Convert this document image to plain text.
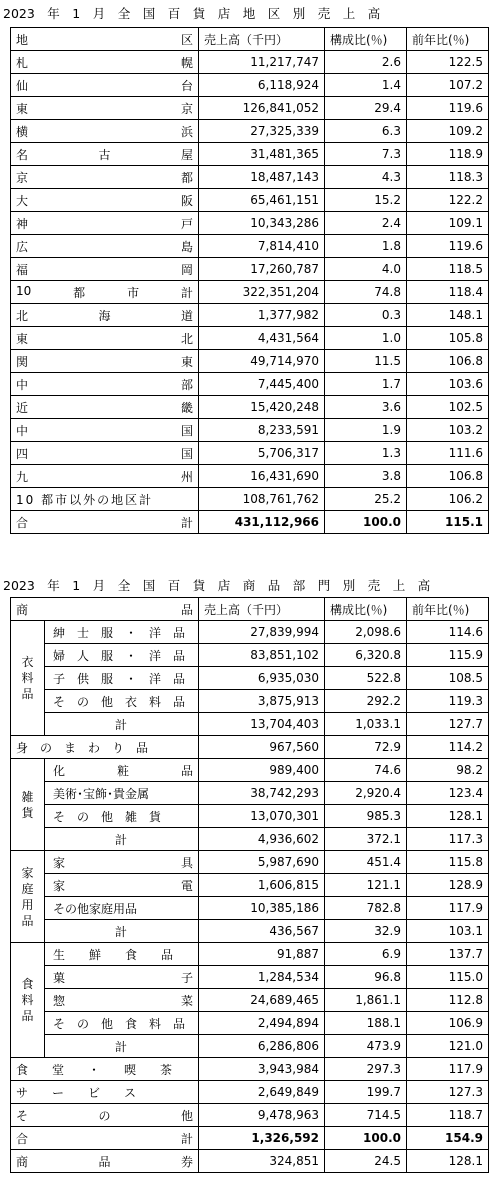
2023　年　1　月　全　国　百　貨　店　地　区　別　売　上　高
地 区	売上高（千円）	構成比(％)	前年比(％)

札 幌	11,217,747	2.6	122.5

仙 台	6,118,924	1.4	107.2

東 京	126,841,052	29.4	119.6

横 浜	27,325,339	6.3	109.2

名 古 屋	31,481,365	7.3	118.9

京 都	18,487,143	4.3	118.3

大 阪	65,461,151	15.2	122.2

神 戸	10,343,286	2.4	109.1

広 島	7,814,410	1.8	119.6

福 岡	17,260,787	4.0	118.5

10 都 市 計	322,351,204	74.8	118.4

北 海 道	1,377,982	0.3	148.1

東 北	4,431,564	1.0	105.8

関 東	49,714,970	11.5	106.8

中 部	7,445,400	1.7	103.6

近 畿	15,420,248	3.6	102.5

中 国	8,233,591	1.9	103.2

四 国	5,706,317	1.3	111.6

九 州	16,431,690	3.8	106.8
10 都市以外の地区計	108,761,762	25.2	106.2

合 計	431,112,966	100.0	115.1
2023　年　1　月　全　国　百　貨　店　商　品　部　門　別　売　上　高
商 品		売上高（千円）	構成比(％)	前年比(％)

衣
料
品	紳　士　服　・　洋　品	27,839,994	2,098.6	114.6

	婦　人　服　・　洋　品	83,851,102	6,320.8	115.9

	子　供　服　・　洋　品	6,935,030	522.8	108.5

	そ　の　他　衣　料　品	3,875,913	292.2	119.3
	計	13,704,403	1,033.1	127.7

身　の　ま　わ　り　品		967,560	72.9	114.2

雑
貨	化 粧 品	989,400	74.6	98.2

	美術･宝飾･貴金属	38,742,293	2,920.4	123.4

	そ　の　他　雑　貨	13,070,301	985.3	128.1
	計	4,936,602	372.1	117.3

家
庭
用
品	家 具	5,987,690	451.4	115.8

	家 電	1,606,815	121.1	128.9

	その他家庭用品	10,385,186	782.8	117.9
	計	436,567	32.9	103.1

食
料
品	生　　鮮　　食　　品	91,887	6.9	137.7

	菓 子	1,284,534	96.8	115.0

	惣 菜	24,689,465	1,861.1	112.8

	そ　の　他　食　料　品	2,494,894	188.1	106.9
	計	6,286,806	473.9	121.0

食　　堂　　・　　喫　　茶		3,943,984	297.3	117.9

サ　　ー　　ビ　　ス		2,649,849	199.7	127.3

そ の 他		9,478,963	714.5	118.7

合 計		1,326,592	100.0	154.9

商 品 券		324,851	24.5	128.1
